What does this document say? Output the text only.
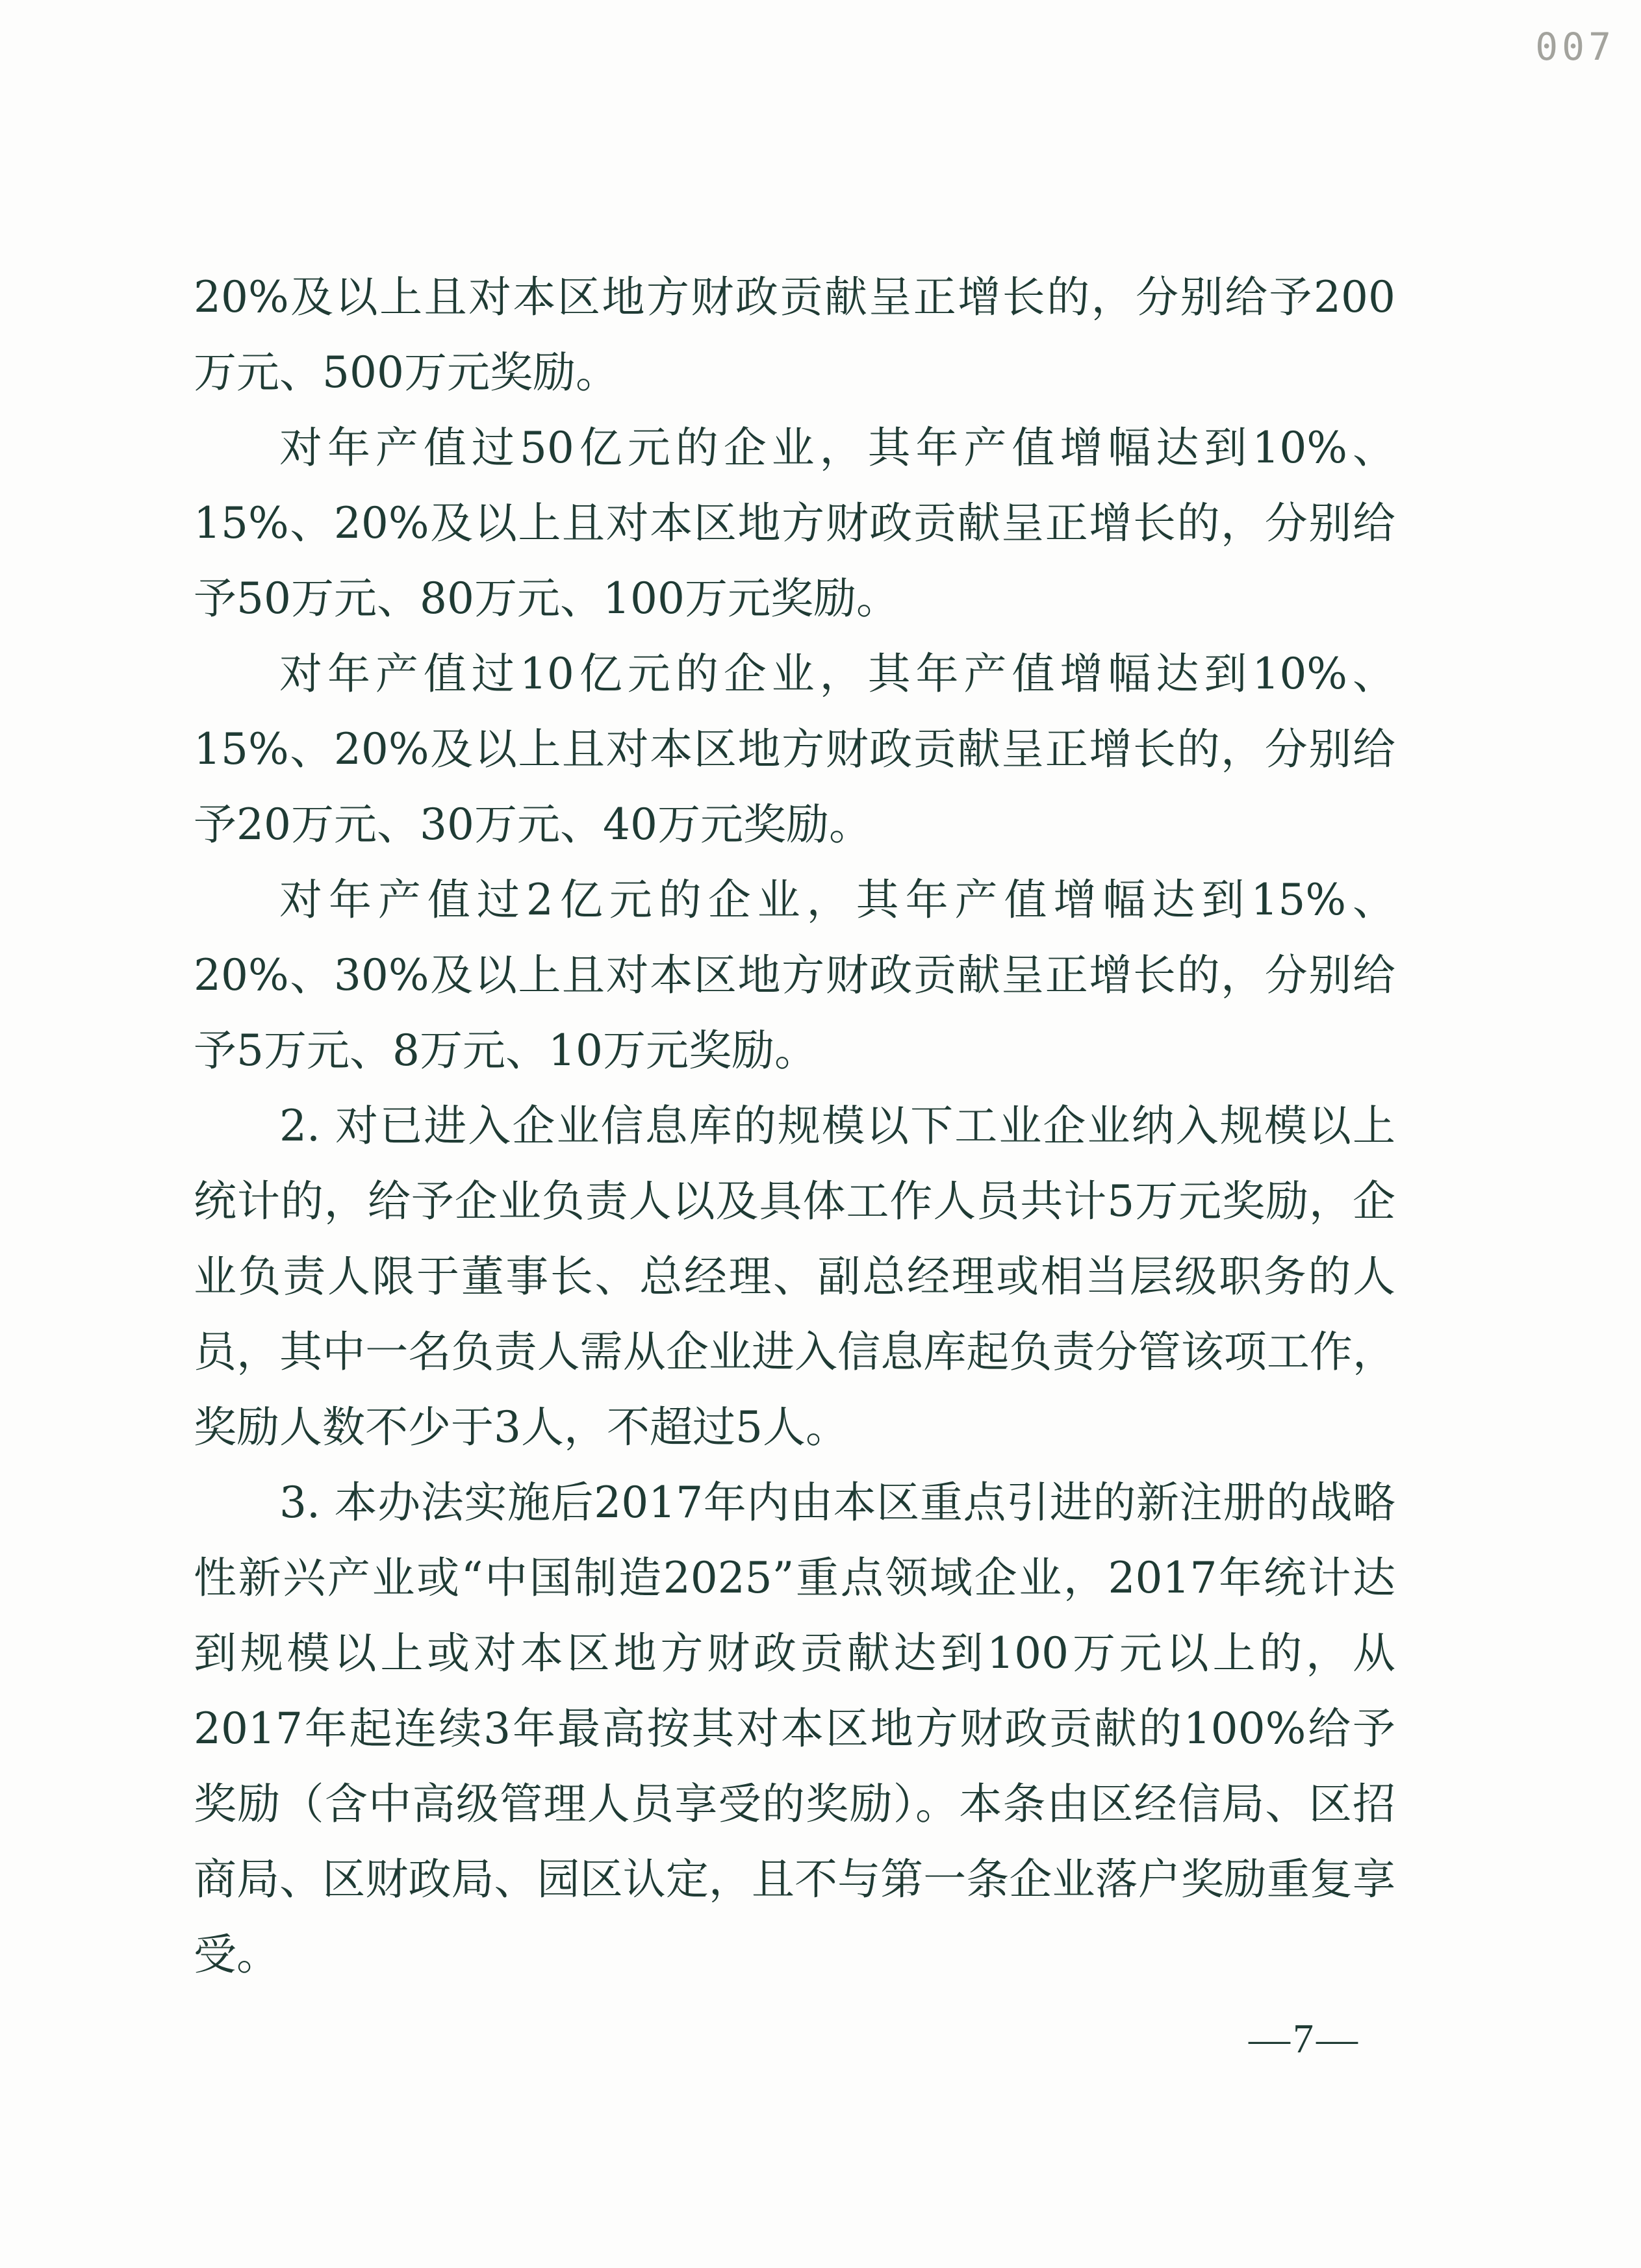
007

20%及以上且对本区地方财政贡献呈正增长的，分别给予200万元、500万元奖励。

对年产值过50亿元的企业，其年产值增幅达到10%、15%、20%及以上且对本区地方财政贡献呈正增长的，分别给予50万元、80万元、100万元奖励。

对年产值过10亿元的企业，其年产值增幅达到10%、15%、20%及以上且对本区地方财政贡献呈正增长的，分别给予20万元、30万元、40万元奖励。

对年产值过2亿元的企业，其年产值增幅达到15%、20%、30%及以上且对本区地方财政贡献呈正增长的，分别给予5万元、8万元、10万元奖励。

2. 对已进入企业信息库的规模以下工业企业纳入规模以上统计的，给予企业负责人以及具体工作人员共计5万元奖励，企业负责人限于董事长、总经理、副总经理或相当层级职务的人员，其中一名负责人需从企业进入信息库起负责分管该项工作，奖励人数不少于3人，不超过5人。

3. 本办法实施后2017年内由本区重点引进的新注册的战略性新兴产业或“中国制造2025”重点领域企业，2017年统计达到规模以上或对本区地方财政贡献达到100万元以上的，从2017年起连续3年最高按其对本区地方财政贡献的100%给予奖励（含中高级管理人员享受的奖励）。本条由区经信局、区招商局、区财政局、园区认定，且不与第一条企业落户奖励重复享受。

—7—
